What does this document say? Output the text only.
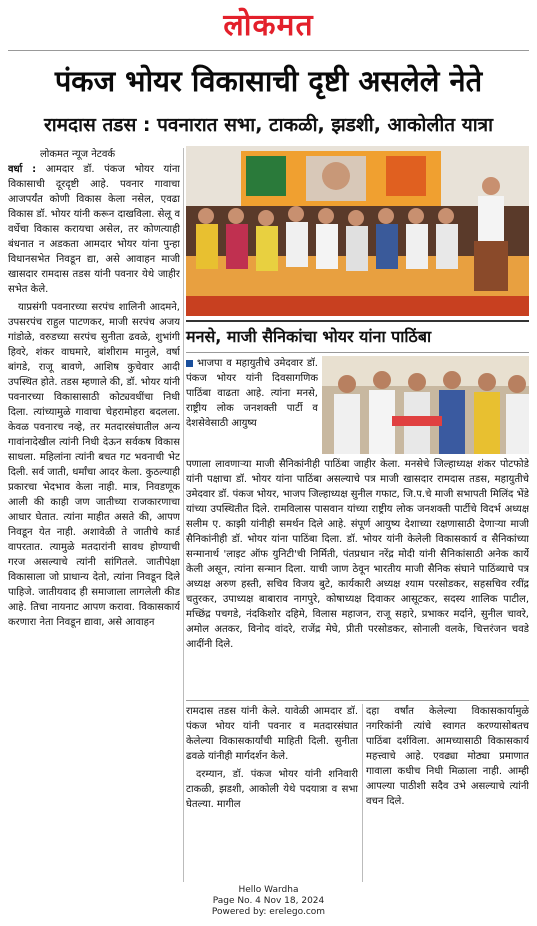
लोकमत
पंकज भोयर विकासाची दृष्टी असलेले नेते
रामदास तडस : पवनारात सभा, टाकळी, झडशी, आकोलीत यात्रा
लोकमत न्यूज नेटवर्क

वर्धा : आमदार डॉ. पंकज भोयर यांना विकासाची दूरदृष्टी आहे. पवनार गावाचा आजपर्यंत कोणी विकास केला नसेल, एवढा विकास डॉ. भोयर यांनी करून दाखविला. सेलू व वर्धेचा विकास करायचा असेल, तर कोणत्याही बंधनात न अडकता आमदार भोयर यांना पुन्हा विधानसभेत निवडून द्या, असे आवाहन माजी खासदार रामदास तडस यांनी पवनार येथे जाहीर सभेत केले.

याप्रसंगी पवनारच्या सरपंच शालिनी आदमने, उपसरपंच राहुल पाटणकर, माजी सरपंच अजय गांडोळे, वरुडच्या सरपंच सुनीता ढवळे, शुभांगी हिवरे, शंकर वाघमारे, बांशीराम मानुले, वर्षा बांगडे, राजू बावणे, आशिष कुचेवार आदी उपस्थित होते. तडस म्हणाले की, डॉ. भोयर यांनी पवनारच्या विकासासाठी कोट्यवधींचा निधी दिला. त्यांच्यामुळे गावाचा चेहरामोहरा बदलला. केवळ पवनारच नव्हे, तर मतदारसंघातील अन्य गावांनादेखील त्यांनी निधी देऊन सर्वकष विकास साधला. महिलांना त्यांनी बचत गट भवनाची भेट दिली. सर्व जाती, धर्मांचा आदर केला. कुठल्याही प्रकारचा भेदभाव केला नाही. मात्र, निवडणूक आली की काही जण जातीच्या राजकारणाचा आधार घेतात. त्यांना माहीत असते की, आपण निवडून येत नाही. अशावेळी ते जातीचे कार्ड वापरतात. त्यामुळे मतदारांनी सावध होण्याची गरज असल्याचे त्यांनी सांगितले. जातीपेक्षा विकासाला जो प्राधान्य देतो, त्यांना निवडून दिले पाहिजे. जातीयवाद ही समाजाला लागलेली कीड आहे. तिचा नायनाट आपण करावा. विकासकार्य करणारा नेता निवडून द्यावा, असे आवाहन

मनसे, माजी सैनिकांचा भोयर यांना पाठिंबा

भाजपा व महायुतीचे उमेदवार डॉ. पंकज भोयर यांनी दिवसागणिक पाठिंबा वाढता आहे. त्यांना मनसे, राष्ट्रीय लोक जनशक्ती पार्टी व देशसेवेसाठी आयुष्य

पणाला लावणाऱ्या माजी सैनिकांनीही पाठिंबा जाहीर केला. मनसेचे जिल्हाध्यक्ष शंकर पोटफोडे यांनी पक्षाचा डॉ. भोयर यांना पाठिंबा असल्याचे पत्र माजी खासदार रामदास तडस, महायुतीचे उमेदवार डॉ. पंकज भोयर, भाजप जिल्हाध्यक्ष सुनील गफाट, जि.प.चे माजी सभापती मिलिंद भेंडे यांच्या उपस्थितीत दिले. रामविलास पासवान यांच्या राष्ट्रीय लोक जनशक्ती पार्टीचे विदर्भ अध्यक्ष सलीम ए. काझी यांनीही समर्थन दिले आहे. संपूर्ण आयुष्य देशाच्या रक्षणासाठी देणाऱ्या माजी सैनिकांनीही डॉ. भोयर यांना पाठिंबा दिला. डॉ. भोयर यांनी केलेली विकासकार्य व सैनिकांच्या सन्मानार्थ 'लाइट ऑफ युनिटी'ची निर्मिती, पंतप्रधान नरेंद्र मोदी यांनी सैनिकांसाठी अनेक कार्ये केली असून, त्यांना सन्मान दिला. याची जाण ठेवून भारतीय माजी सैनिक संघाने पाठिंब्याचे पत्र अध्यक्ष अरुण हस्ती, सचिव विजय बुटे, कार्यकारी अध्यक्ष श्याम परसोडकर, सहसचिव रवींद्र चतुरकर, उपाध्यक्ष बाबाराव नागपुरे, कोषाध्यक्ष दिवाकर आसूटकर, सदस्य शालिक पाटील, मच्छिंद्र पचगडे, नंदकिशोर दहिमे, विलास महाजन, राजू सहारे, प्रभाकर मर्दाने, सुनील चावरे, अमोल अतकर, विनोद वांदरे, राजेंद्र मेघे, प्रीती परसोडकर, सोनाली वलके, चित्तरंजन चवडे आदींनी दिले.

रामदास तडस यांनी केले. यावेळी आमदार डॉ. पंकज भोयर यांनी पवनार व मतदारसंघात केलेल्या विकासकार्यांची माहिती दिली. सुनीता ढवळे यांनीही मार्गदर्शन केले.

दरम्यान, डॉ. पंकज भोयर यांनी शनिवारी टाकळी, झडशी, आकोली येथे पदयात्रा व सभा घेतल्या. मागील

दहा वर्षांत केलेल्या विकासकार्यामुळे नगरिकांनी त्यांचे स्वागत करण्यासोबतच पाठिंबा दर्शविला. आमच्यासाठी विकासकार्य महत्त्वाचे आहे. एवढ्या मोठ्या प्रमाणात गावाला कधीच निधी मिळाला नाही. आम्ही आपल्या पाठीशी सदैव उभे असल्याचे त्यांनी वचन दिले.

Hello Wardha
Page No. 4 Nov 18, 2024
Powered by: erelego.com
